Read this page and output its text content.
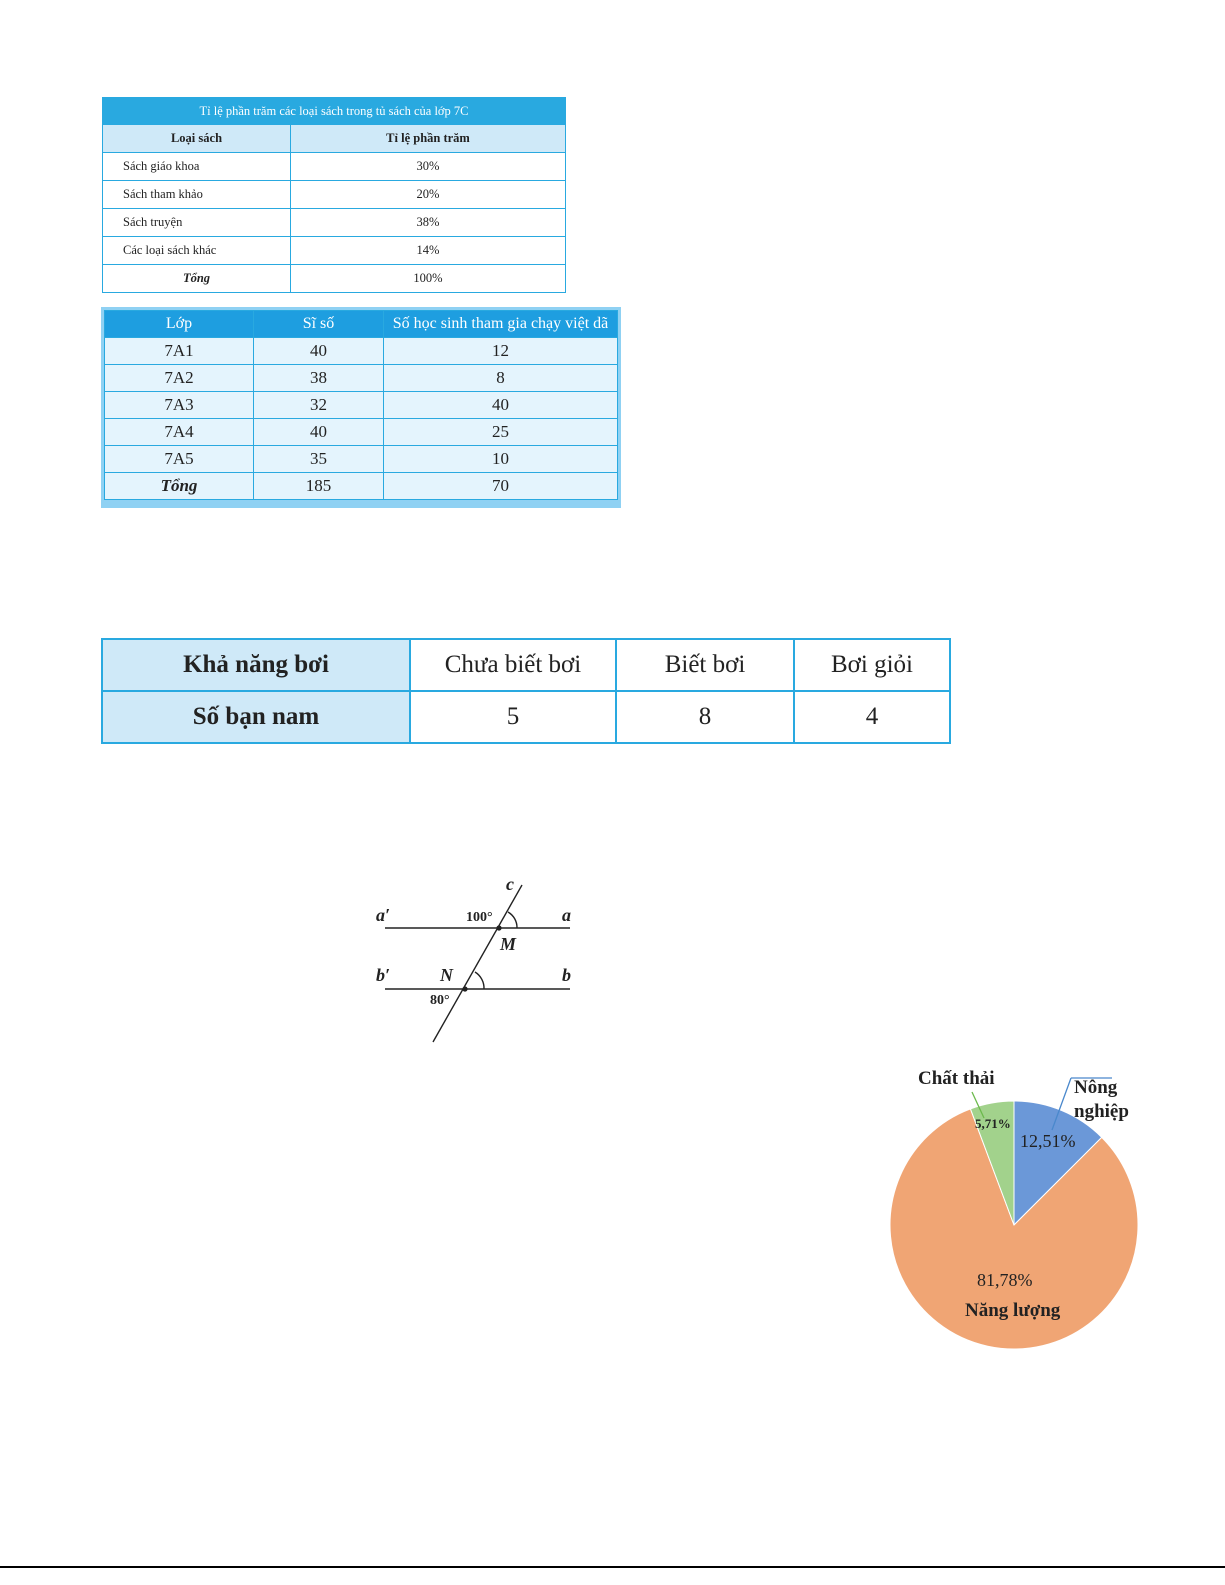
Tỉ lệ phần trăm các loại sách trong tủ sách của lớp 7C	
Loại sách	Tỉ lệ phần trăm
Sách giáo khoa	30%
Sách tham khảo	20%
Sách truyện	38%
Các loại sách khác	14%
Tổng	100%
Lớp	Sĩ số	Số học sinh tham gia chạy việt dã
7A1	40	12
7A2	38	8
7A3	32	40
7A4	40	25
7A5	35	10
Tổng	185	70
Khả năng bơi	Chưa biết bơi	Biết bơi	Bơi giỏi
Số bạn nam	5	8	4
c
a′	a
b′	b
M
N
100°
80°
Chất thải
Năng lượng
Nông nghiệp
12,51%
81,78%
5,71%
